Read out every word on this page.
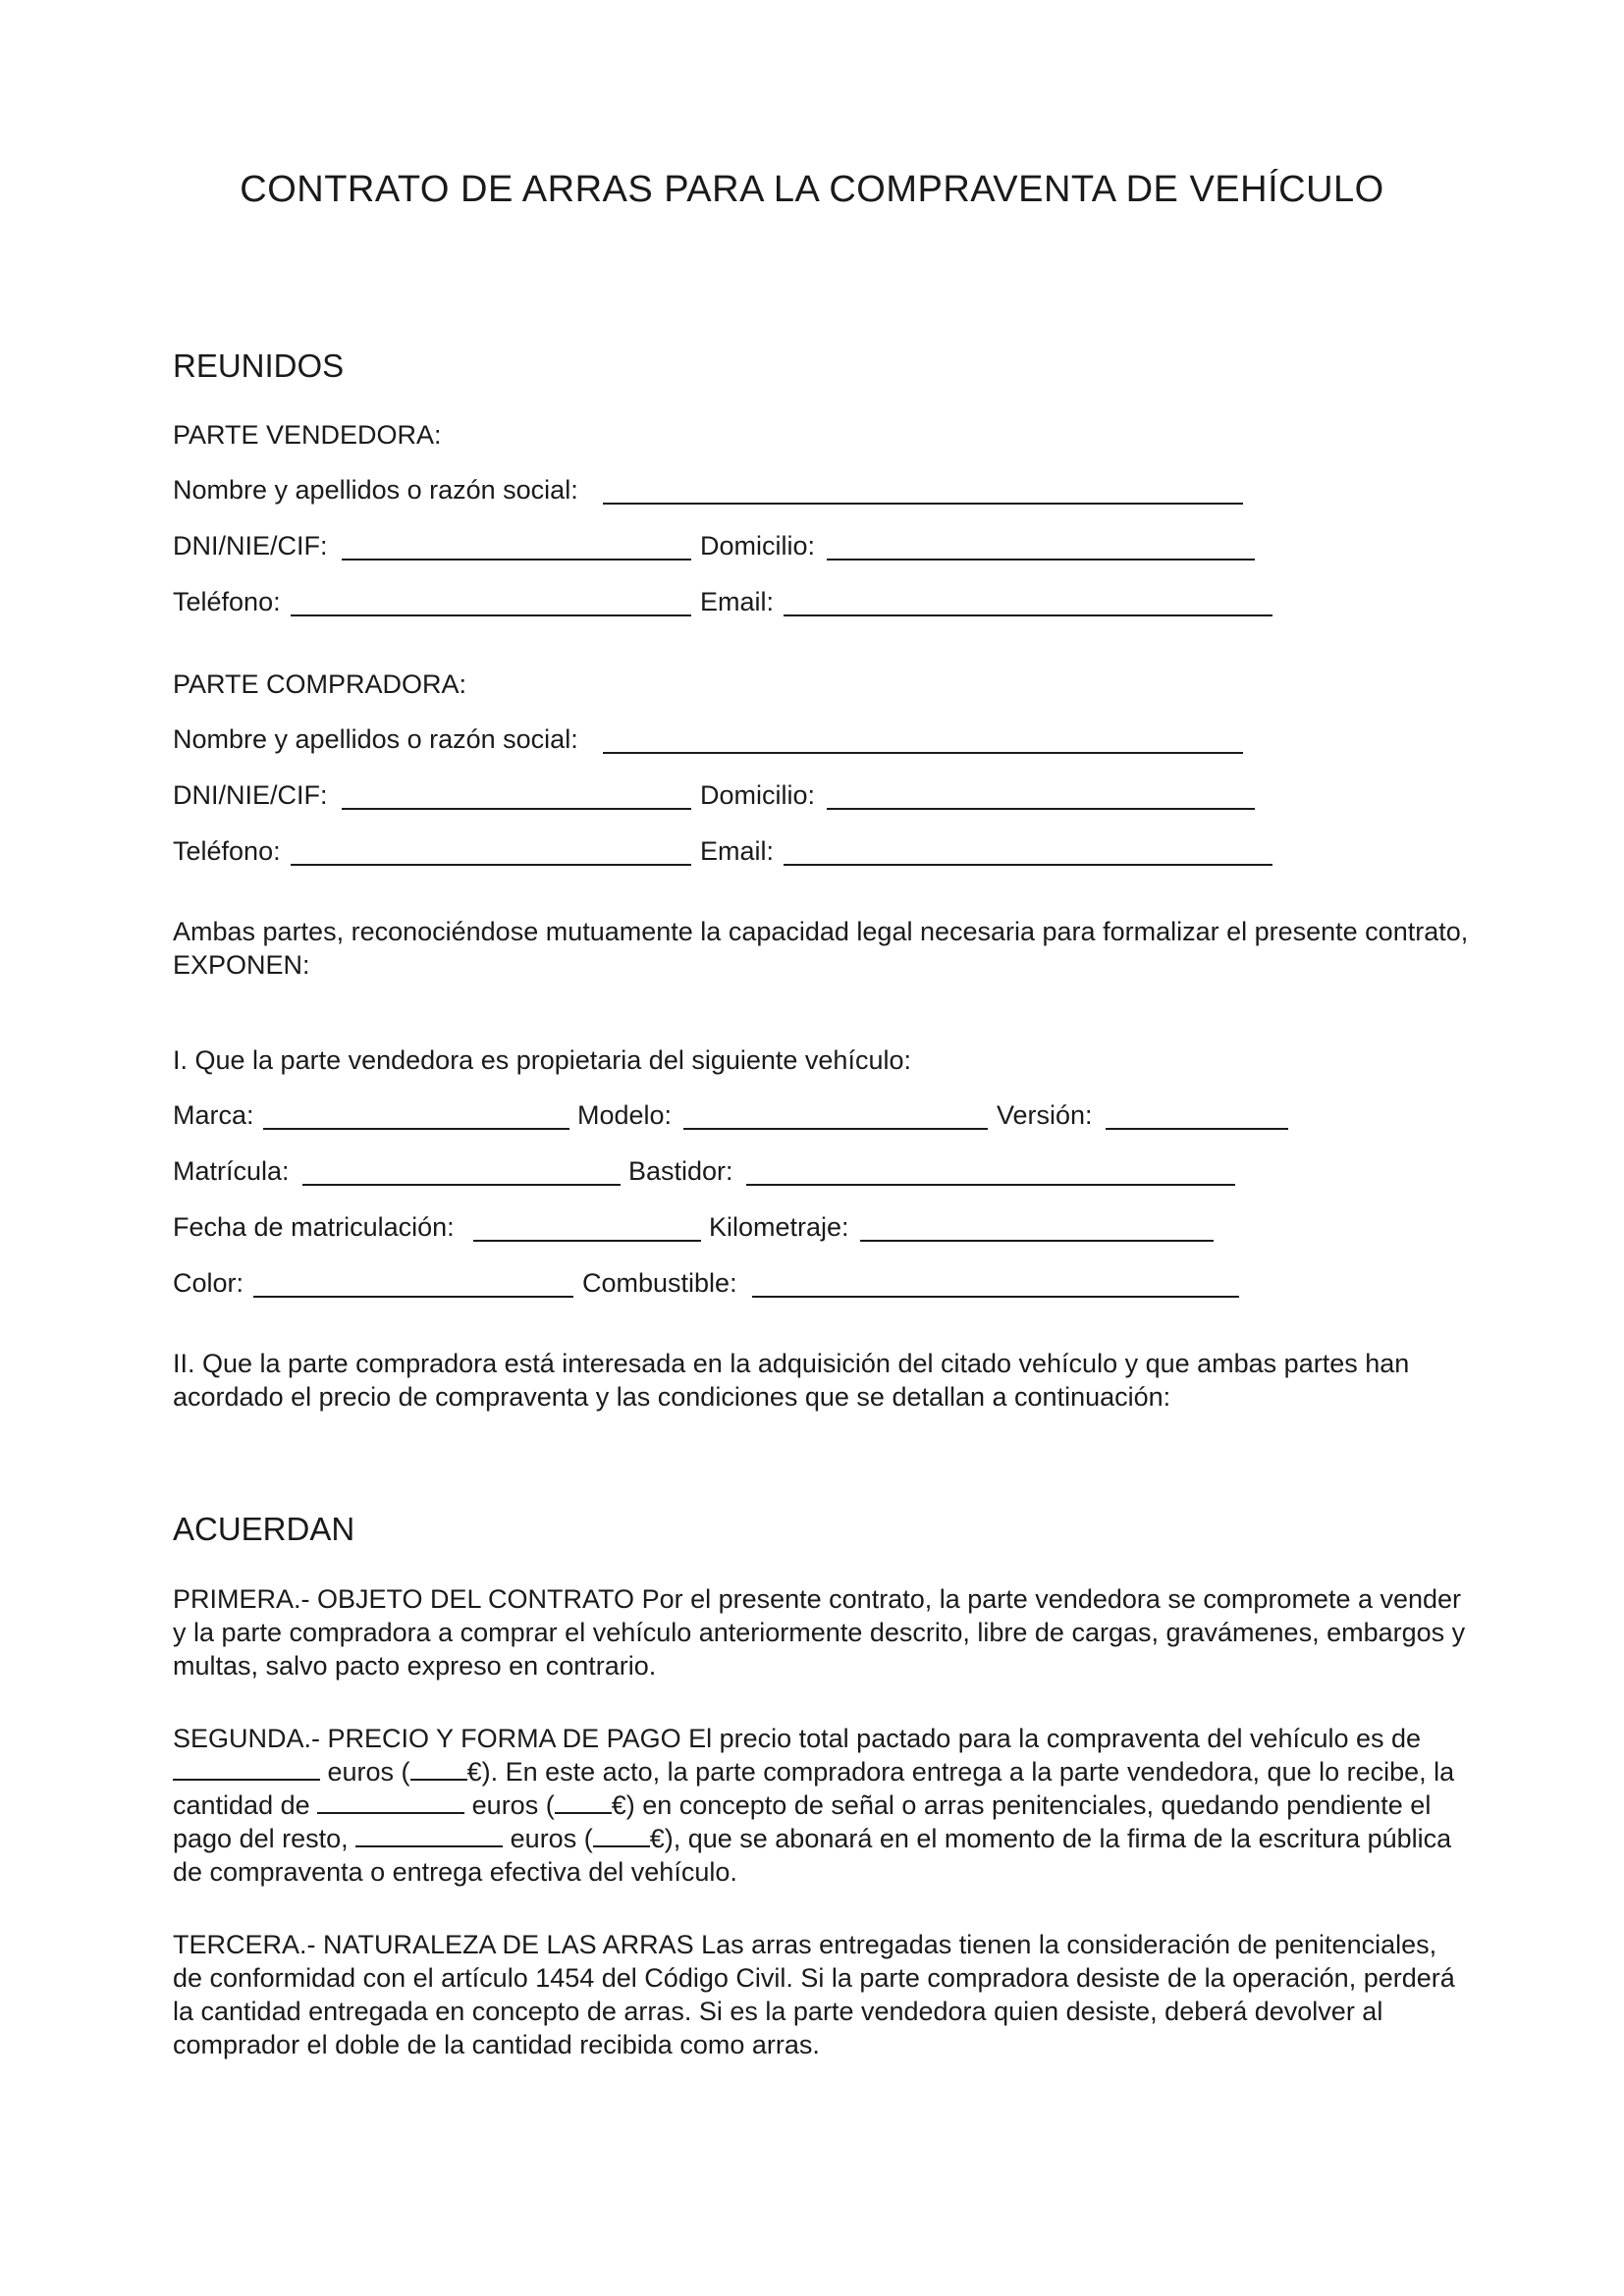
CONTRATO DE ARRAS PARA LA COMPRAVENTA DE VEHÍCULO
REUNIDOS
PARTE VENDEDORA:
Nombre y apellidos o razón social:
DNI/NIE/CIF:	Domicilio:
Teléfono:	Email:
PARTE COMPRADORA:
Nombre y apellidos o razón social:
DNI/NIE/CIF:	Domicilio:
Teléfono:	Email:
Ambas partes, reconociéndose mutuamente la capacidad legal necesaria para formalizar el presente contrato, EXPONEN:
I. Que la parte vendedora es propietaria del siguiente vehículo:
Marca:	Modelo:	Versión:
Matrícula:	Bastidor:
Fecha de matriculación:	Kilometraje:
Color:	Combustible:
II. Que la parte compradora está interesada en la adquisición del citado vehículo y que ambas partes han acordado el precio de compraventa y las condiciones que se detallan a continuación:
ACUERDAN
PRIMERA.- OBJETO DEL CONTRATO Por el presente contrato, la parte vendedora se compromete a vender y la parte compradora a comprar el vehículo anteriormente descrito, libre de cargas, gravámenes, embargos y multas, salvo pacto expreso en contrario.
SEGUNDA.- PRECIO Y FORMA DE PAGO El precio total pactado para la compraventa del vehículo es de  euros ( €). En este acto, la parte compradora entrega a la parte vendedora, que lo recibe, la cantidad de	euros ( €) en concepto de señal o arras penitenciales, quedando pendiente el pago del resto,	euros ( €), que se abonará en el momento de la firma de la escritura pública de compraventa o entrega efectiva del vehículo.
TERCERA.- NATURALEZA DE LAS ARRAS Las arras entregadas tienen la consideración de penitenciales, de conformidad con el artículo 1454 del Código Civil. Si la parte compradora desiste de la operación, perderá la cantidad entregada en concepto de arras. Si es la parte vendedora quien desiste, deberá devolver al comprador el doble de la cantidad recibida como arras.
